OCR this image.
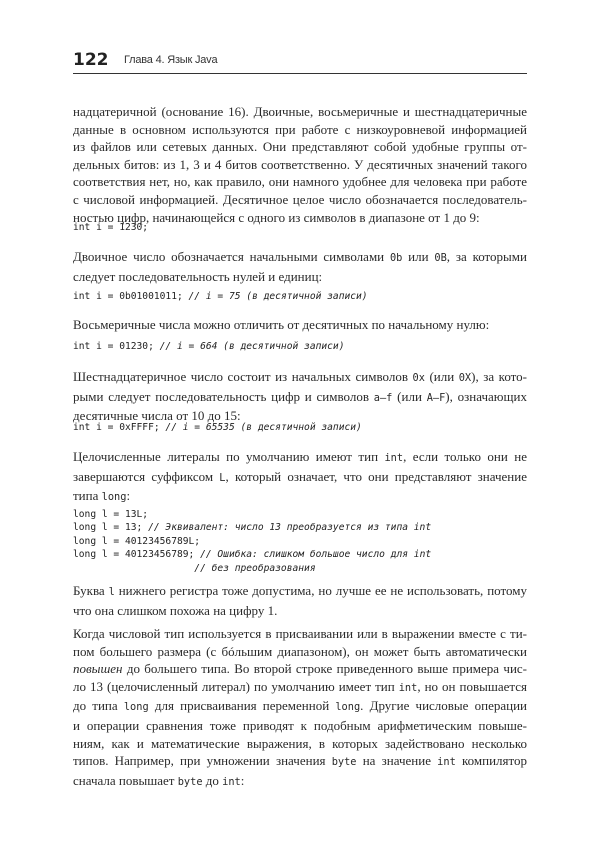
122 Глава 4. Язык Java
надцатеричной (основание 16). Двоичные, восьмеричные и шестнадцатеричные
данные в основном используются при работе с низкоуровневой информацией
из файлов или сетевых данных. Они представляют собой удобные группы от-
дельных битов: из 1, 3 и 4 битов соответственно. У десятичных значений такого
соответствия нет, но, как правило, они намного удобнее для человека при работе
с числовой информацией. Десятичное целое число обозначается последователь-
ностью цифр, начинающейся с одного из символов в диапазоне от 1 до 9:
int i = 1230;
Двоичное число обозначается начальными символами 0b или 0B, за которыми
следует последовательность нулей и единиц:
int i = 0b01001011; // i = 75 (в десятичной записи)
Восьмеричные числа можно отличить от десятичных по начальному нулю:
int i = 01230; // i = 664 (в десятичной записи)
Шестнадцатеричное число состоит из начальных символов 0x (или 0X), за кото-
рыми следует последовательность цифр и символов a–f (или A–F), означающих
десятичные числа от 10 до 15:
int i = 0xFFFF; // i = 65535 (в десятичной записи)
Целочисленные литералы по умолчанию имеют тип int, если только они не
завершаются суффиксом L, который означает, что они представляют значение
типа long:
long l = 13L;
long l = 13; // Эквивалент: число 13 преобразуется из типа int
long l = 40123456789L;
long l = 40123456789; // Ошибка: слишком большое число для int
// без преобразования
Буква l нижнего регистра тоже допустима, но лучше ее не использовать, потому
что она слишком похожа на цифру 1.
Когда числовой тип используется в присваивании или в выражении вместе с ти-
пом большего размера (с бóльшим диапазоном), он может быть автоматически
повышен до большего типа. Во второй строке приведенного выше примера чис-
ло 13 (целочисленный литерал) по умолчанию имеет тип int, но он повышается
до типа long для присваивания переменной long. Другие числовые операции
и операции сравнения тоже приводят к подобным арифметическим повыше-
ниям, как и математические выражения, в которых задействовано несколько
типов. Например, при умножении значения byte на значение int компилятор
сначала повышает byte до int:
